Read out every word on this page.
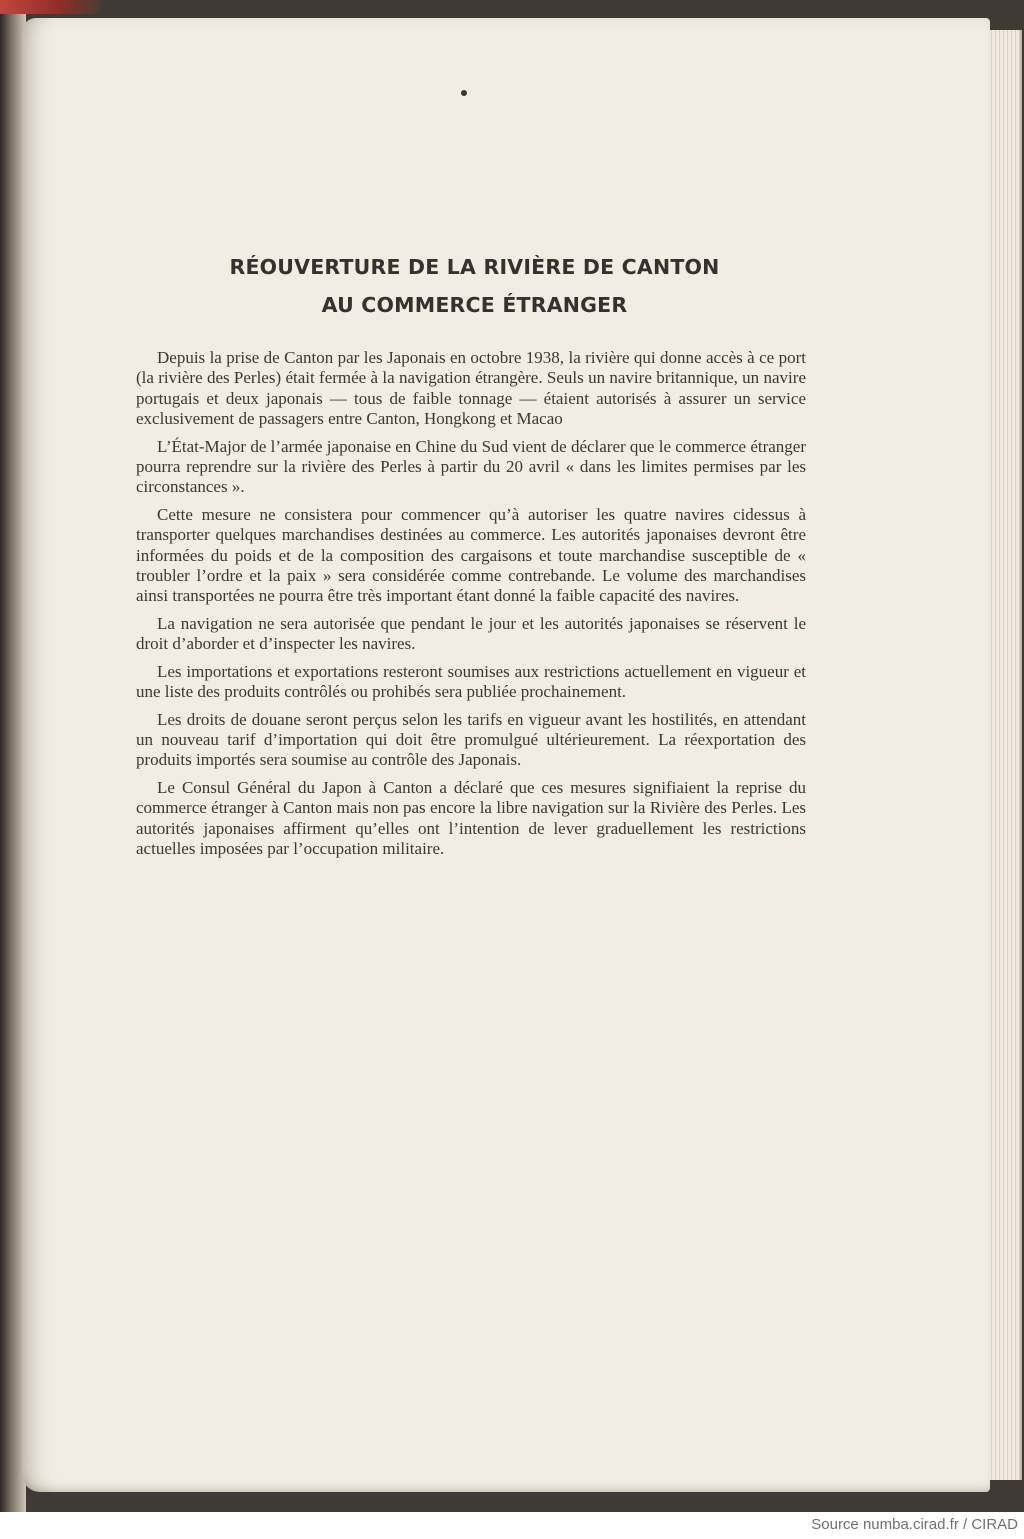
RÉOUVERTURE DE LA RIVIÈRE DE CANTON
AU COMMERCE ÉTRANGER

Depuis la prise de Canton par les Japonais en octobre 1938, la rivière qui donne accès à ce port (la rivière des Perles) était fermée à la navigation étrangère. Seuls un navire britannique, un navire portugais et deux japonais — tous de faible tonnage — étaient autorisés à assurer un service exclusivement de passagers entre Canton, Hongkong et Macao

L’État-Major de l’armée japonaise en Chine du Sud vient de déclarer que le commerce étranger pourra reprendre sur la rivière des Perles à partir du 20 avril « dans les limites permises par les circonstances ».

Cette mesure ne consistera pour commencer qu’à autoriser les quatre navires cidessus à transporter quelques marchandises destinées au commerce. Les autorités japonaises devront être informées du poids et de la composition des cargaisons et toute marchandise susceptible de « troubler l’ordre et la paix » sera considérée comme contrebande. Le volume des marchandises ainsi transportées ne pourra être très important étant donné la faible capacité des navires.

La navigation ne sera autorisée que pendant le jour et les autorités japonaises se réservent le droit d’aborder et d’inspecter les navires.

Les importations et exportations resteront soumises aux restrictions actuellement en vigueur et une liste des produits contrôlés ou prohibés sera publiée prochainement.

Les droits de douane seront perçus selon les tarifs en vigueur avant les hostilités, en attendant un nouveau tarif d’importation qui doit être promulgué ultérieurement. La réexportation des produits importés sera soumise au contrôle des Japonais.

Le Consul Général du Japon à Canton a déclaré que ces mesures signifiaient la reprise du commerce étranger à Canton mais non pas encore la libre navigation sur la Rivière des Perles. Les autorités japonaises affirment qu’elles ont l’intention de lever graduellement les restrictions actuelles imposées par l’occupation militaire.

Source numba.cirad.fr / CIRAD
